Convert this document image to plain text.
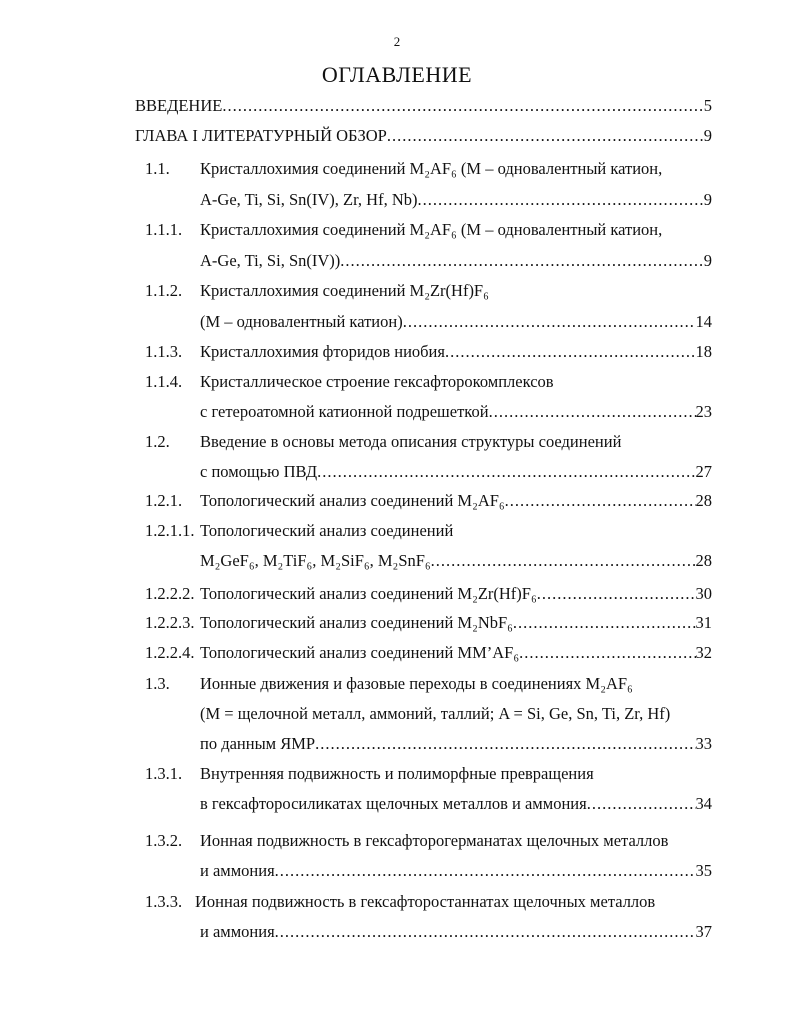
2
ОГЛАВЛЕНИЕ
ВВЕДЕНИЕ .....	5
ГЛАВА I ЛИТЕРАТУРНЫЙ ОБЗОР .....	9
1.1. Кристаллохимия соединений M₂AF₆ (M – одновалентный катион,
A-Ge, Ti, Si, Sn(IV), Zr, Hf, Nb) .....	9
1.1.1. Кристаллохимия соединений M₂AF₆ (M – одновалентный катион,
A-Ge, Ti, Si, Sn(IV)) .....	9
1.1.2. Кристаллохимия соединений M₂Zr(Hf)F₆
(M – одновалентный катион) .....	14
1.1.3. Кристаллохимия фторидов ниобия .....	18
1.1.4. Кристаллическое строение гексафторокомплексов
с гетероатомной катионной подрешеткой .....	23
1.2. Введение в основы метода описания структуры соединений
с помощью ПВД .....	27
1.2.1. Топологический анализ соединений M₂AF₆ .....	28
1.2.1.1. Топологический анализ соединений
M₂GeF₆, M₂TiF₆, M₂SiF₆, M₂SnF₆ .....	28
1.2.2.2. Топологический анализ соединений M₂Zr(Hf)F₆ .....	30
1.2.2.3. Топологический анализ соединений M₂NbF₆ .....	31
1.2.2.4. Топологический анализ соединений MM’AF₆ .....	32
1.3. Ионные движения и фазовые переходы в соединениях M₂AF₆
(M = щелочной металл, аммоний, таллий; A = Si, Ge, Sn, Ti, Zr, Hf)
по данным ЯМР .....	33
1.3.1. Внутренняя подвижность и полиморфные превращения
в гексафторосиликатах щелочных металлов и аммония .....	34
1.3.2. Ионная подвижность в гексафторогерманатах щелочных металлов
и аммония .....	35
1.3.3. Ионная подвижность в гексафторостаннатах щелочных металлов
и аммония .....	37
